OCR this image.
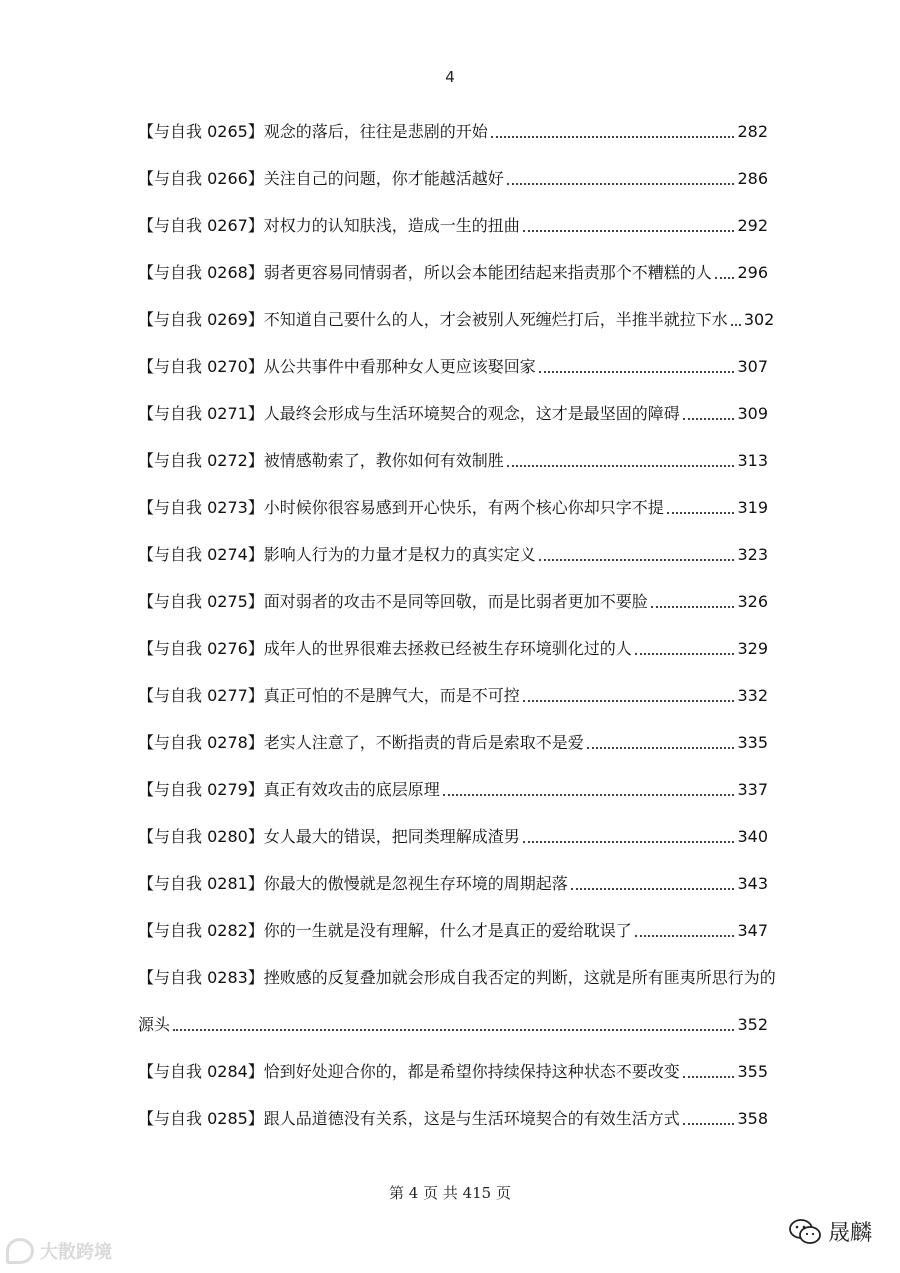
4
【与自我 0265】观念的落后，往往是悲剧的开始	282
【与自我 0266】关注自己的问题，你才能越活越好	286
【与自我 0267】对权力的认知肤浅，造成一生的扭曲	292
【与自我 0268】弱者更容易同情弱者，所以会本能团结起来指责那个不糟糕的人 296
【与自我 0269】不知道自己要什么的人，才会被别人死缠烂打后，半推半就拉下水 302
【与自我 0270】从公共事件中看那种女人更应该娶回家	307
【与自我 0271】人最终会形成与生活环境契合的观念，这才是最坚固的障碍	309
【与自我 0272】被情感勒索了，教你如何有效制胜	313
【与自我 0273】小时候你很容易感到开心快乐，有两个核心你却只字不提	319
【与自我 0274】影响人行为的力量才是权力的真实定义	323
【与自我 0275】面对弱者的攻击不是同等回敬，而是比弱者更加不要脸	326
【与自我 0276】成年人的世界很难去拯救已经被生存环境驯化过的人	329
【与自我 0277】真正可怕的不是脾气大，而是不可控	332
【与自我 0278】老实人注意了，不断指责的背后是索取不是爱	335
【与自我 0279】真正有效攻击的底层原理	337
【与自我 0280】女人最大的错误，把同类理解成渣男	340
【与自我 0281】你最大的傲慢就是忽视生存环境的周期起落	343
【与自我 0282】你的一生就是没有理解，什么才是真正的爱给耽误了	347
【与自我 0283】挫败感的反复叠加就会形成自我否定的判断，这就是所有匪夷所思行为的
源头	352
【与自我 0284】恰到好处迎合你的，都是希望你持续保持这种状态不要改变	355
【与自我 0285】跟人品道德没有关系，这是与生活环境契合的有效生活方式	358
第 4 页 共 415 页
大散跨境
晟麟
